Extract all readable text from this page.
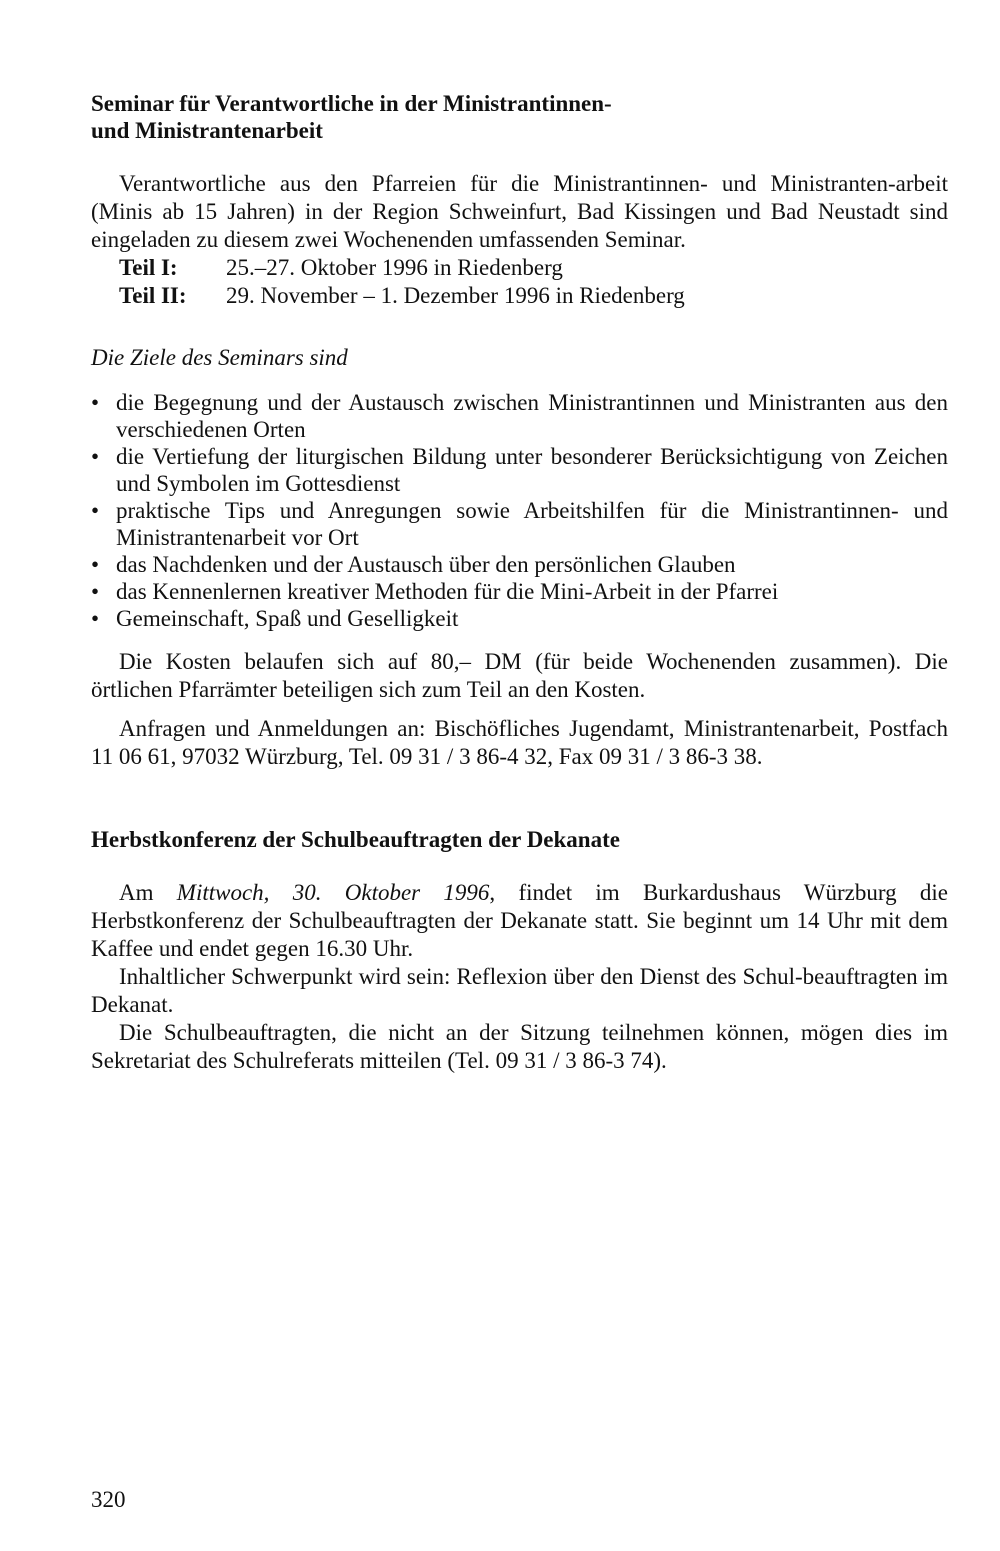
Seminar für Verantwortliche in der Ministrantinnen-
und Ministrantenarbeit

Verantwortliche aus den Pfarreien für die Ministrantinnen- und Ministranten-arbeit (Minis ab 15 Jahren) in der Region Schweinfurt, Bad Kissingen und Bad Neustadt sind eingeladen zu diesem zwei Wochenenden umfassenden Seminar.

Teil I:	25.–27. Oktober 1996 in Riedenberg
Teil II:	29. November – 1. Dezember 1996 in Riedenberg
Die Ziele des Seminars sind
• die Begegnung und der Austausch zwischen Ministrantinnen und Ministranten aus den verschiedenen Orten
• die Vertiefung der liturgischen Bildung unter besonderer Berücksichtigung von Zeichen und Symbolen im Gottesdienst
• praktische Tips und Anregungen sowie Arbeitshilfen für die Ministrantinnen- und Ministrantenarbeit vor Ort
• das Nachdenken und der Austausch über den persönlichen Glauben
• das Kennenlernen kreativer Methoden für die Mini-Arbeit in der Pfarrei
• Gemeinschaft, Spaß und Geselligkeit

Die Kosten belaufen sich auf 80,– DM (für beide Wochenenden zusammen). Die örtlichen Pfarrämter beteiligen sich zum Teil an den Kosten.

Anfragen und Anmeldungen an: Bischöfliches Jugendamt, Ministrantenarbeit, Postfach 11 06 61, 97032 Würzburg, Tel. 09 31 / 3 86-4 32, Fax 09 31 / 3 86-3 38.

Herbstkonferenz der Schulbeauftragten der Dekanate

Am Mittwoch, 30. Oktober 1996, findet im Burkardushaus Würzburg die Herbstkonferenz der Schulbeauftragten der Dekanate statt. Sie beginnt um 14 Uhr mit dem Kaffee und endet gegen 16.30 Uhr.

Inhaltlicher Schwerpunkt wird sein: Reflexion über den Dienst des Schul-beauftragten im Dekanat.

Die Schulbeauftragten, die nicht an der Sitzung teilnehmen können, mögen dies im Sekretariat des Schulreferats mitteilen (Tel. 09 31 / 3 86-3 74).

320
